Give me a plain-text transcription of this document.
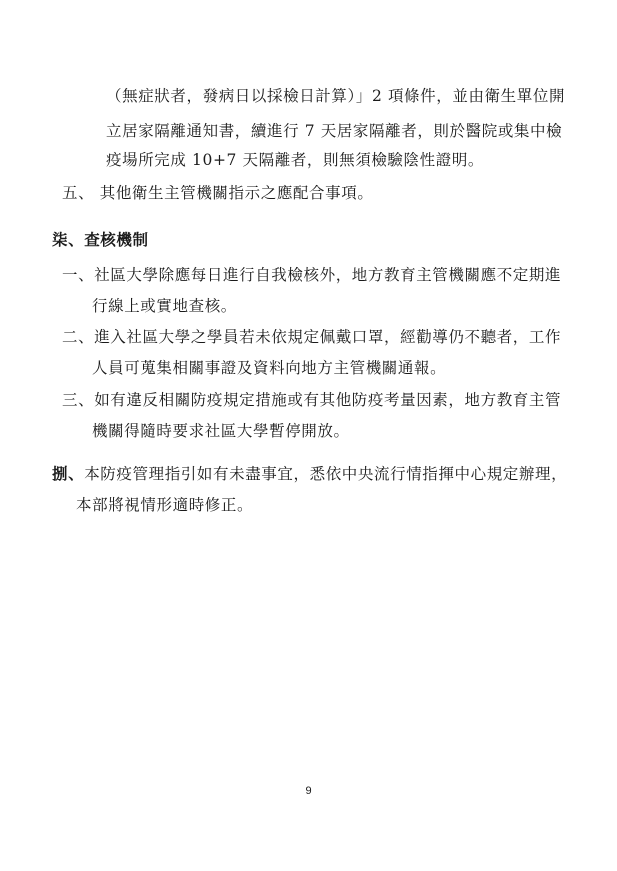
（無症狀者，發病日以採檢日計算）」2 項條件，並由衛生單位開
立居家隔離通知書，續進行 7 天居家隔離者，則於醫院或集中檢
疫場所完成 10+7 天隔離者，則無須檢驗陰性證明。
五、 其他衛生主管機關指示之應配合事項。
柒、查核機制
一、社區大學除應每日進行自我檢核外，地方教育主管機關應不定期進
行線上或實地查核。
二、進入社區大學之學員若未依規定佩戴口罩，經勸導仍不聽者，工作
人員可蒐集相關事證及資料向地方主管機關通報。
三、如有違反相關防疫規定措施或有其他防疫考量因素，地方教育主管
機關得隨時要求社區大學暫停開放。
捌、本防疫管理指引如有未盡事宜，悉依中央流行情指揮中心規定辦理，
本部將視情形適時修正。
9
